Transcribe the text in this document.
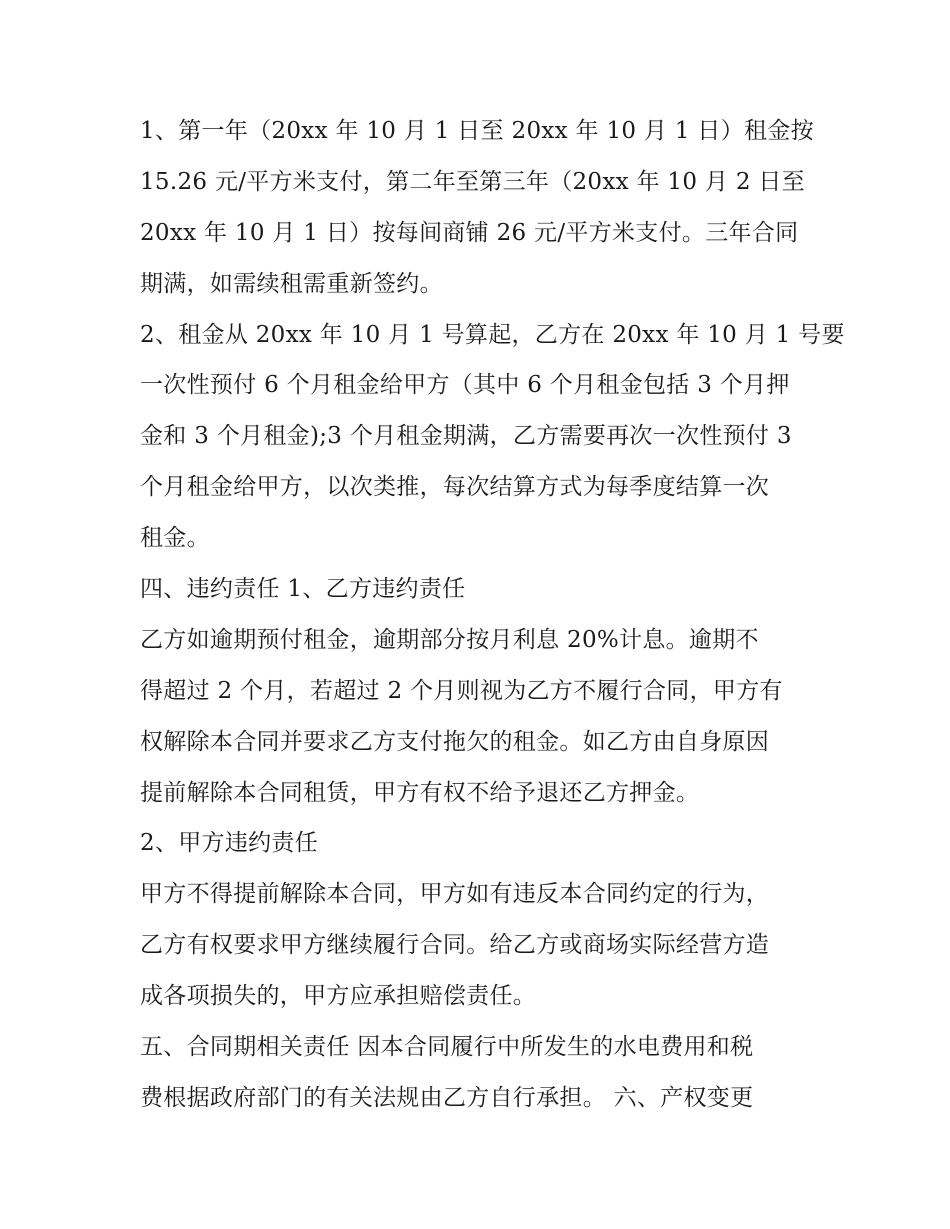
1、第一年（20xx 年 10 月 1 日至 20xx 年 10 月 1 日）租金按
15.26 元/平方米支付，第二年至第三年（20xx 年 10 月 2 日至
20xx 年 10 月 1 日）按每间商铺 26 元/平方米支付。三年合同
期满，如需续租需重新签约。
2、租金从 20xx 年 10 月 1 号算起，乙方在 20xx 年 10 月 1 号要
一次性预付 6 个月租金给甲方（其中 6 个月租金包括 3 个月押
金和 3 个月租金);3 个月租金期满，乙方需要再次一次性预付 3
个月租金给甲方，以次类推，每次结算方式为每季度结算一次
租金。
四、违约责任 1、乙方违约责任
乙方如逾期预付租金，逾期部分按月利息 20%计息。逾期不
得超过 2 个月，若超过 2 个月则视为乙方不履行合同，甲方有
权解除本合同并要求乙方支付拖欠的租金。如乙方由自身原因
提前解除本合同租赁，甲方有权不给予退还乙方押金。
2、甲方违约责任
甲方不得提前解除本合同，甲方如有违反本合同约定的行为，
乙方有权要求甲方继续履行合同。给乙方或商场实际经营方造
成各项损失的，甲方应承担赔偿责任。
五、合同期相关责任 因本合同履行中所发生的水电费用和税
费根据政府部门的有关法规由乙方自行承担。 六、产权变更
